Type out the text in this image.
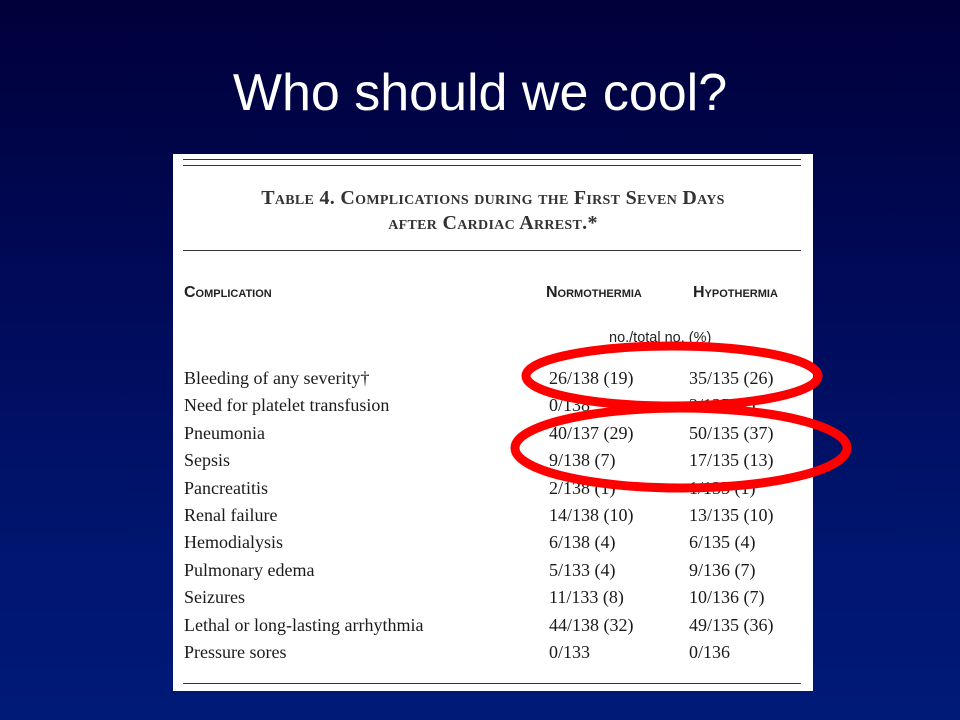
Who should we cool?
Table 4. Complications during the First Seven Days
after Cardiac Arrest.*
Complication	Normothermia	Hypothermia
no./total no. (%)
Bleeding of any severity†	26/138 (19)	35/135 (26)
Need for platelet transfusion	0/138	2/135 (1)
Pneumonia	40/137 (29)	50/135 (37)
Sepsis	9/138 (7)	17/135 (13)
Pancreatitis	2/138 (1)	1/135 (1)
Renal failure	14/138 (10)	13/135 (10)
Hemodialysis	6/138 (4)	6/135 (4)
Pulmonary edema	5/133 (4)	9/136 (7)
Seizures	11/133 (8)	10/136 (7)
Lethal or long-lasting arrhythmia	44/138 (32)	49/135 (36)
Pressure sores	0/133	0/136
